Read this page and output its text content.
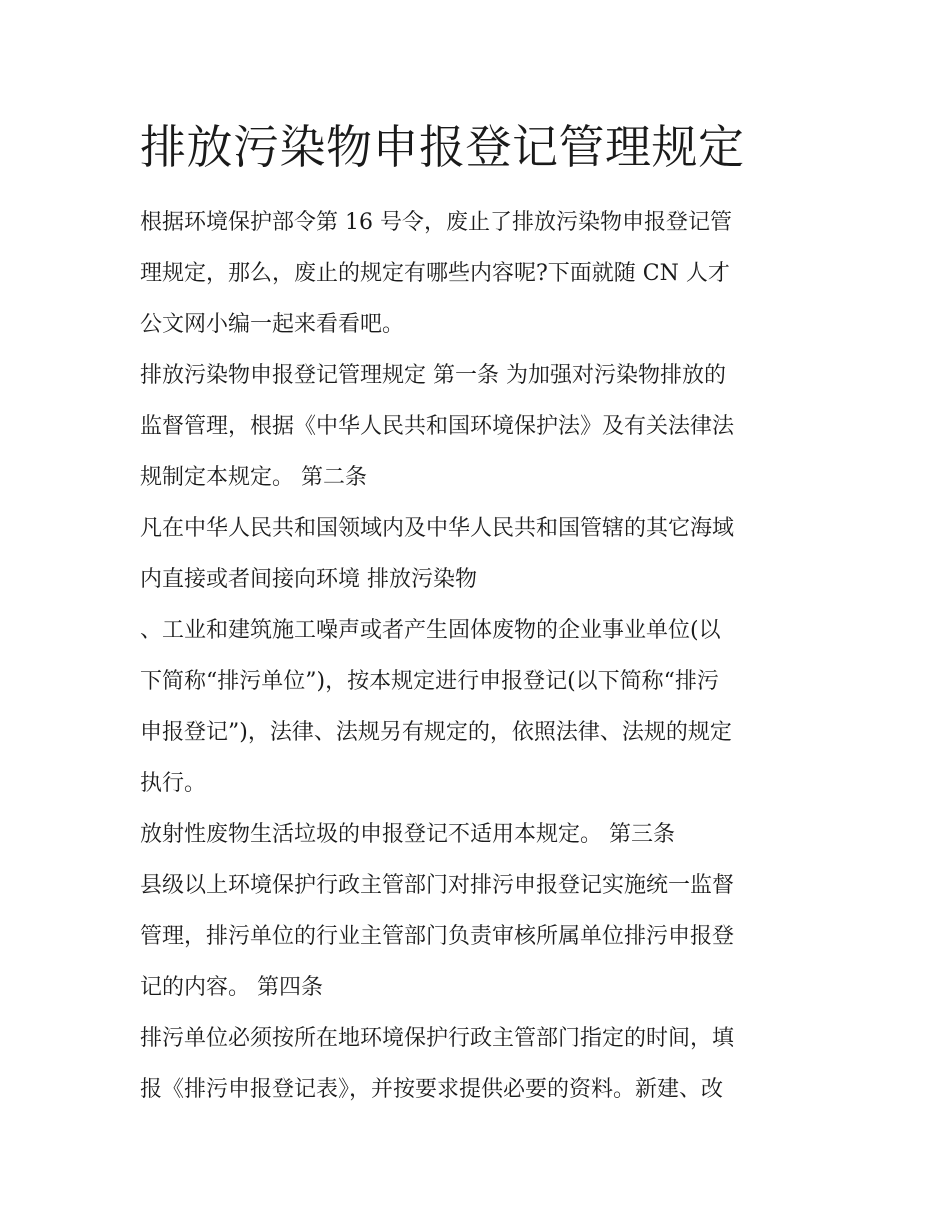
排放污染物申报登记管理规定

根据环境保护部令第 16 号令，废止了排放污染物申报登记管

理规定，那么，废止的规定有哪些内容呢?下面就随 CN 人才

公文网小编一起来看看吧。

排放污染物申报登记管理规定 第一条 为加强对污染物排放的

监督管理，根据《中华人民共和国环境保护法》及有关法律法

规制定本规定。 第二条

凡在中华人民共和国领域内及中华人民共和国管辖的其它海域

内直接或者间接向环境 排放污染物

、工业和建筑施工噪声或者产生固体废物的企业事业单位(以

下简称“排污单位”)，按本规定进行申报登记(以下简称“排污

申报登记”)，法律、法规另有规定的，依照法律、法规的规定

执行。

放射性废物生活垃圾的申报登记不适用本规定。 第三条

县级以上环境保护行政主管部门对排污申报登记实施统一监督

管理，排污单位的行业主管部门负责审核所属单位排污申报登

记的内容。 第四条

排污单位必须按所在地环境保护行政主管部门指定的时间，填

报《排污申报登记表》，并按要求提供必要的资料。新建、改
